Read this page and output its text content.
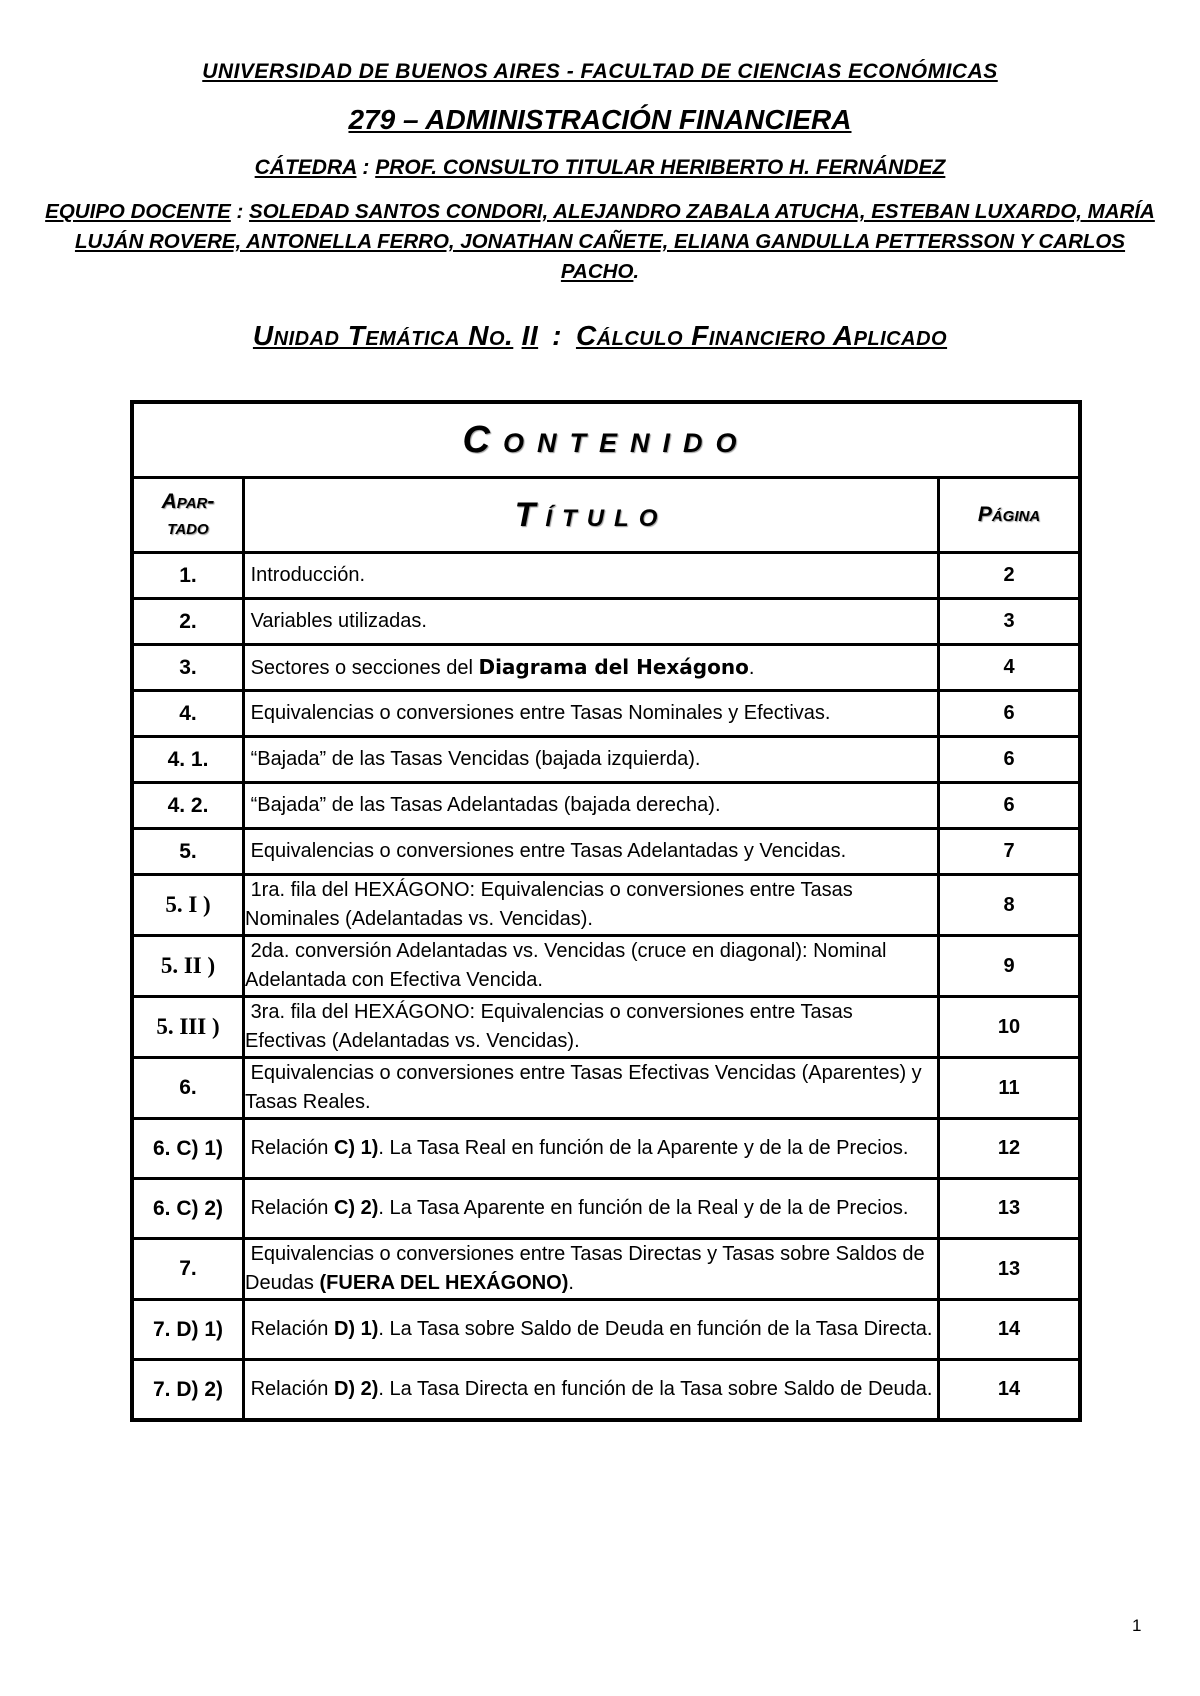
UNIVERSIDAD DE BUENOS AIRES - FACULTAD DE CIENCIAS ECONÓMICAS
279 – ADMINISTRACIÓN FINANCIERA
CÁTEDRA : PROF. CONSULTO TITULAR HERIBERTO H. FERNÁNDEZ
EQUIPO DOCENTE : SOLEDAD SANTOS CONDORI, ALEJANDRO ZABALA ATUCHA, ESTEBAN LUXARDO, MARÍA LUJÁN ROVERE, ANTONELLA FERRO, JONATHAN CAÑETE, ELIANA GANDULLA PETTERSSON Y CARLOS PACHO.
Unidad Temática No. II : Cálculo Financiero Aplicado
Contenido		
Apar-
tado	Título	Página
1.	Introducción.	2
2.	Variables utilizadas.	3
3.	Sectores o secciones del Diagrama del Hexágono.	4
4.	Equivalencias o conversiones entre Tasas Nominales y Efectivas.	6
4. 1.	“Bajada” de las Tasas Vencidas (bajada izquierda).	6
4. 2.	“Bajada” de las Tasas Adelantadas (bajada derecha).	6
5.	Equivalencias o conversiones entre Tasas Adelantadas y Vencidas.	7
5. I )	1ra. fila del HEXÁGONO: Equivalencias o conversiones entre Tasas Nominales (Adelantadas vs. Vencidas).	8
5. II )	2da. conversión Adelantadas vs. Vencidas (cruce en diagonal): Nominal Adelantada con Efectiva Vencida.	9
5. III )	3ra. fila del HEXÁGONO: Equivalencias o conversiones entre Tasas Efectivas (Adelantadas vs. Vencidas).	10
6.	Equivalencias o conversiones entre Tasas Efectivas Vencidas (Aparentes) y Tasas Reales.	11
6. C) 1)	Relación C) 1). La Tasa Real en función de la Aparente y de la de Precios.	12
6. C) 2)	Relación C) 2). La Tasa Aparente en función de la Real y de la de Precios.	13
7.	Equivalencias o conversiones entre Tasas Directas y Tasas sobre Saldos de Deudas (FUERA DEL HEXÁGONO).	13
7. D) 1)	Relación D) 1). La Tasa sobre Saldo de Deuda en función de la Tasa Directa.	14
7. D) 2)	Relación D) 2). La Tasa Directa en función de la Tasa sobre Saldo de Deuda.	14
1
